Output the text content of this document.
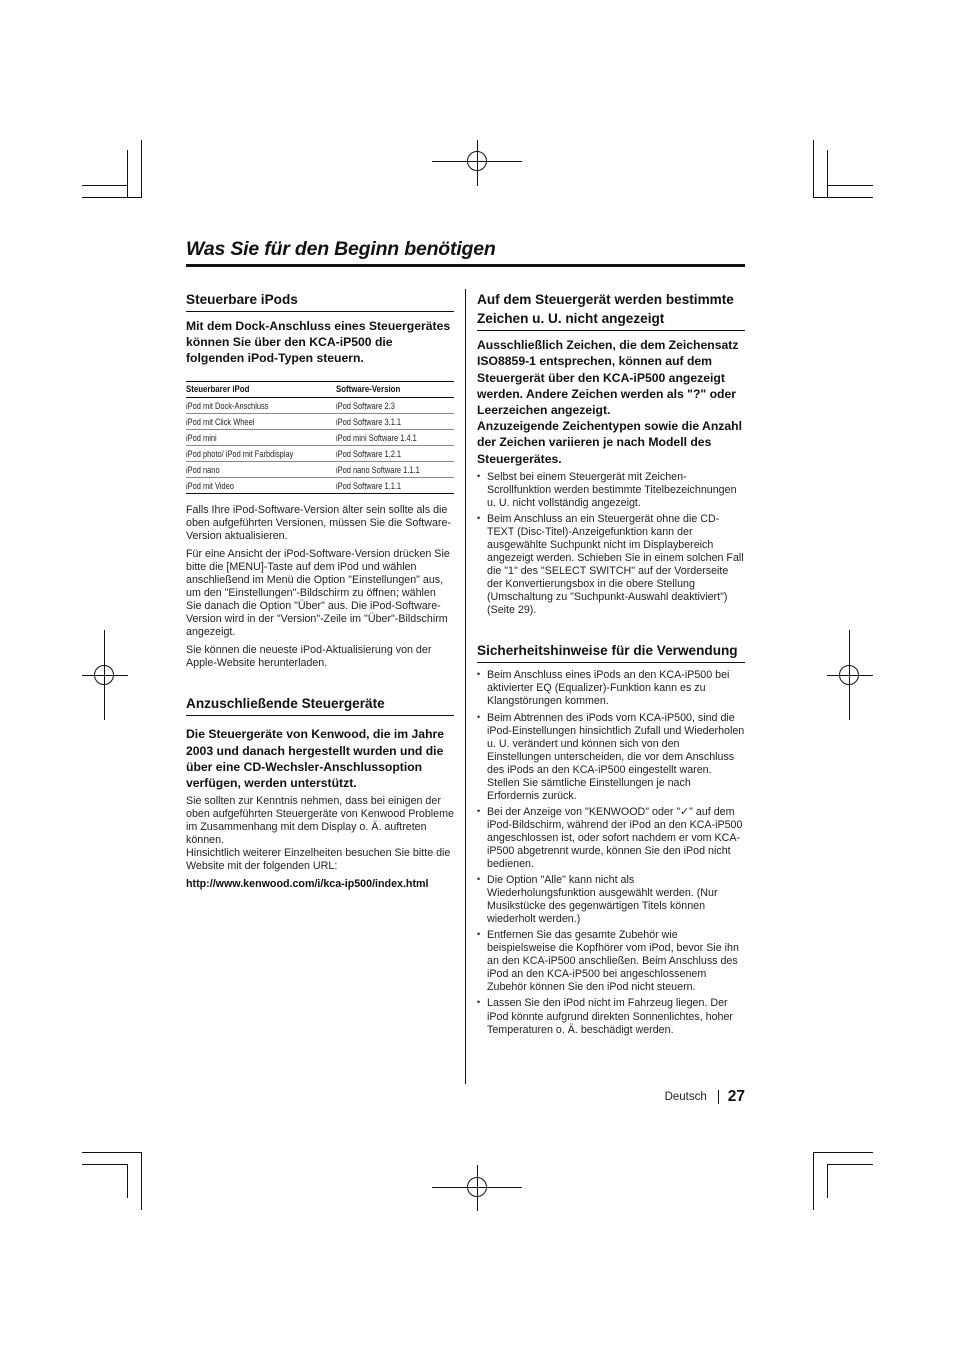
Was Sie für den Beginn benötigen
Steuerbare iPods
Mit dem Dock-Anschluss eines Steuergerätes können Sie über den KCA-iP500 die folgenden iPod-Typen steuern.
Steuerbarer iPod	Software-Version
iPod mit Dock-Anschluss	iPod Software 2.3
iPod mit Click Wheel	iPod Software 3.1.1
iPod mini	iPod mini Software 1.4.1
iPod photo/ iPod mit Farbdisplay	iPod Software 1.2.1
iPod nano	iPod nano Software 1.1.1
iPod mit Video	iPod Software 1.1.1

Falls Ihre iPod-Software-Version älter sein sollte als die oben aufgeführten Versionen, müssen Sie die Software-Version aktualisieren.

Für eine Ansicht der iPod-Software-Version drücken Sie bitte die [MENU]-Taste auf dem iPod und wählen anschließend im Menü die Option "Einstellungen" aus, um den "Einstellungen"-Bildschirm zu öffnen; wählen Sie danach die Option "Über" aus. Die iPod-Software-Version wird in der "Version"-Zeile im "Über"-Bildschirm angezeigt.

Sie können die neueste iPod-Aktualisierung von der Apple-Website herunterladen.

Anzuschließende Steuergeräte
Die Steuergeräte von Kenwood, die im Jahre 2003 und danach hergestellt wurden und die über eine CD-Wechsler-Anschlussoption verfügen, werden unterstützt.

Sie sollten zur Kenntnis nehmen, dass bei einigen der oben aufgeführten Steuergeräte von Kenwood Probleme im Zusammenhang mit dem Display o. Ä. auftreten können.

Hinsichtlich weiterer Einzelheiten besuchen Sie bitte die Website mit der folgenden URL:

http://www.kenwood.com/i/kca-ip500/index.html
Auf dem Steuergerät werden bestimmte Zeichen u. U. nicht angezeigt
Ausschließlich Zeichen, die dem Zeichensatz ISO8859-1 entsprechen, können auf dem Steuergerät über den KCA-iP500 angezeigt werden. Andere Zeichen werden als "?" oder Leerzeichen angezeigt.
Anzuzeigende Zeichentypen sowie die Anzahl der Zeichen variieren je nach Modell des Steuergerätes.
• Selbst bei einem Steuergerät mit Zeichen-Scrollfunktion werden bestimmte Titelbezeichnungen u. U. nicht vollständig angezeigt.
• Beim Anschluss an ein Steuergerät ohne die CD-TEXT (Disc-Titel)-Anzeigefunktion kann der ausgewählte Suchpunkt nicht im Displaybereich angezeigt werden. Schieben Sie in einem solchen Fall die "1" des "SELECT SWITCH" auf der Vorderseite der Konvertierungsbox in die obere Stellung (Umschaltung zu "Suchpunkt-Auswahl deaktiviert") (Seite 29).
Sicherheitshinweise für die Verwendung
• Beim Anschluss eines iPods an den KCA-iP500 bei aktivierter EQ (Equalizer)-Funktion kann es zu Klangstörungen kommen.
• Beim Abtrennen des iPods vom KCA-iP500, sind die iPod-Einstellungen hinsichtlich Zufall und Wiederholen u. U. verändert und können sich von den Einstellungen unterscheiden, die vor dem Anschluss des iPods an den KCA-iP500 eingestellt waren. Stellen Sie sämtliche Einstellungen je nach Erfordernis zurück.
• Bei der Anzeige von "KENWOOD" oder "✓" auf dem iPod-Bildschirm, während der iPod an den KCA-iP500 angeschlossen ist, oder sofort nachdem er vom KCA-iP500 abgetrennt wurde, können Sie den iPod nicht bedienen.
• Die Option "Alle" kann nicht als Wiederholungsfunktion ausgewählt werden. (Nur Musikstücke des gegenwärtigen Titels können wiederholt werden.)
• Entfernen Sie das gesamte Zubehör wie beispielsweise die Kopfhörer vom iPod, bevor Sie ihn an den KCA-iP500 anschließen. Beim Anschluss des iPod an den KCA-iP500 bei angeschlossenem Zubehör können Sie den iPod nicht steuern.
• Lassen Sie den iPod nicht im Fahrzeug liegen. Der iPod könnte aufgrund direkten Sonnenlichtes, hoher Temperaturen o. Ä. beschädigt werden.
Deutsch 27
